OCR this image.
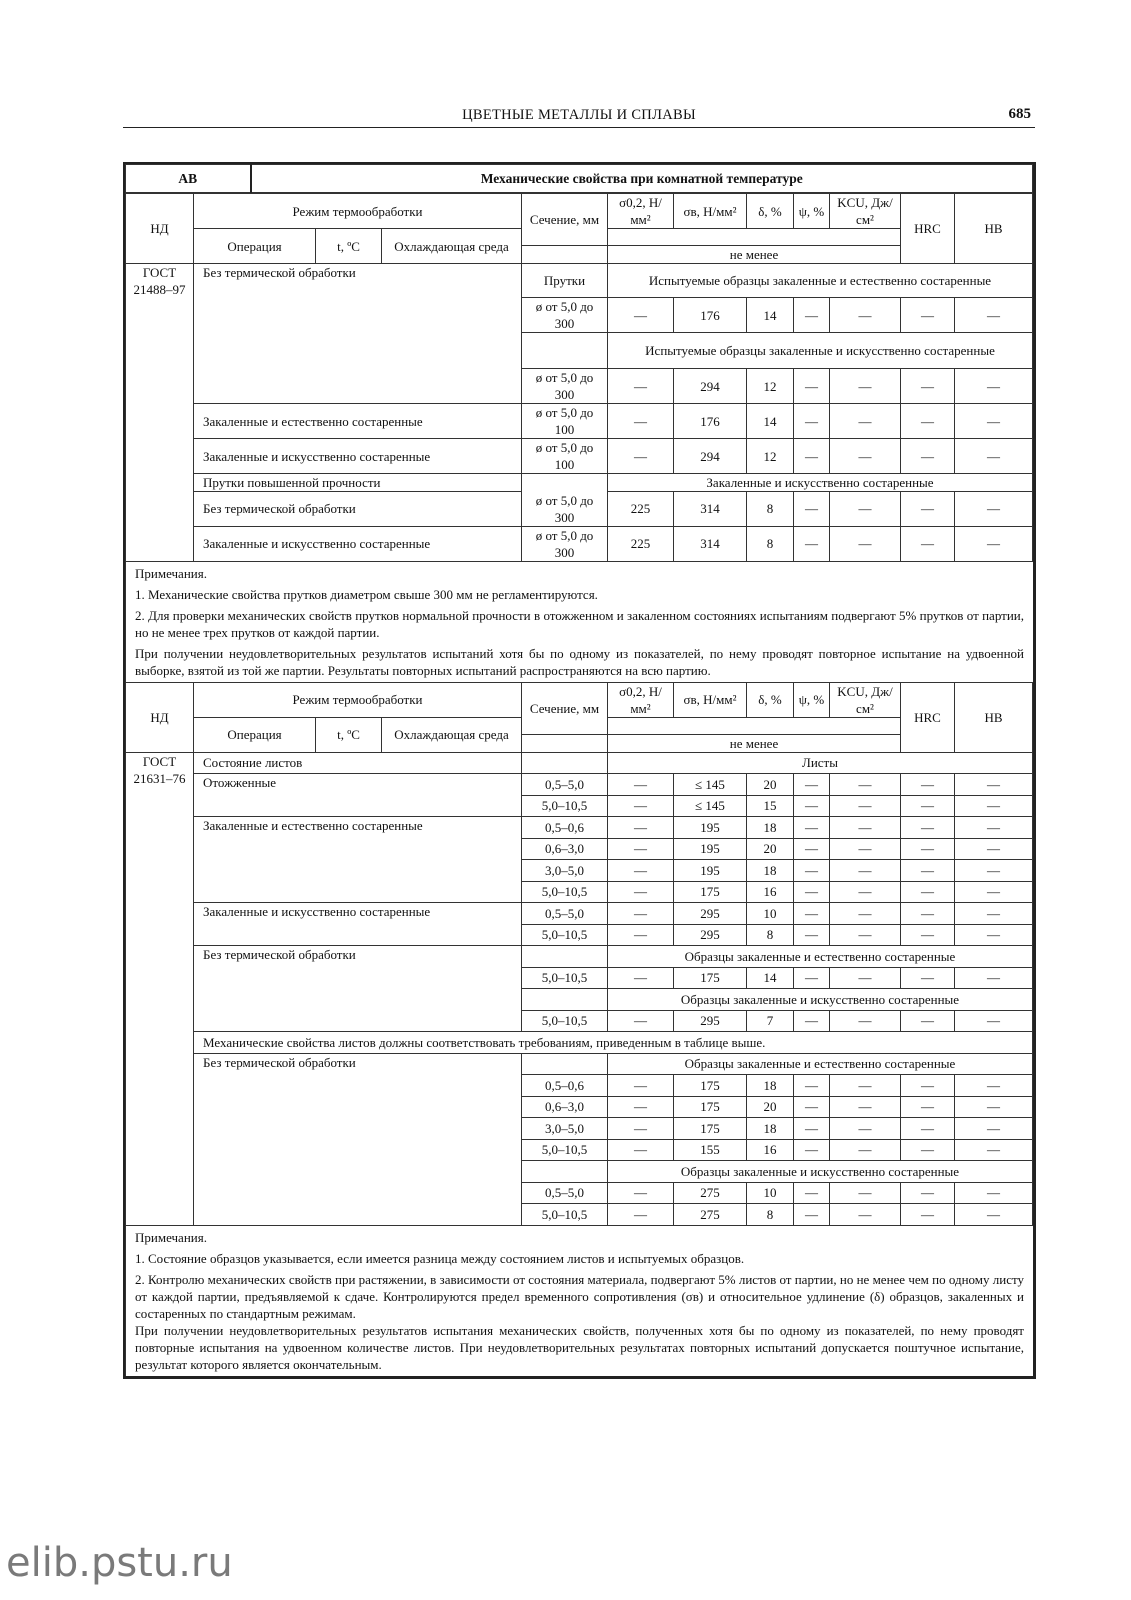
ЦВЕТНЫЕ МЕТАЛЛЫ И СПЛАВЫ	685
АВ	Механические свойства при комнатной температуре
НД	Режим термообработки			Сечение, мм	σ0,2, Н/мм²	σв, Н/мм²	δ, %	ψ, %	KCU, Дж/см²	HRC	НВ
	Операция	t, ºС	Охлаждающая среда								
					не менее						
ГОСТ 21488–97	Без термической обработки			Прутки	Испытуемые образцы закаленные и естественно состаренные						
				ø от 5,0 до 300	—	176	14	—	—	—	—
					Испытуемые образцы закаленные и искусственно состаренные						

				ø от 5,0 до 300	—	294	12	—	—	—	—

	Закаленные и естественно состаренные			ø от 5,0 до 100	—	176	14	—	—	—	—

	Закаленные и искусственно состаренные			ø от 5,0 до 100	—	294	12	—	—	—	—

	Прутки повышенной прочности				Закаленные и искусственно состаренные						
	Без термической обработки			ø от 5,0 до 300	225	314	8	—	—	—	—
	Закаленные и искусственно состаренные			ø от 5,0 до 300	225	314	8	—	—	—	—

Примечания.

1. Механические свойства прутков диаметром свыше 300 мм не регламентируются.

2. Для проверки механических свойств прутков нормальной прочности в отожженном и закаленном состояниях испытаниям подвергают 5% прутков от партии, но не менее трех прутков от каждой партии.

При получении неудовлетворительных результатов испытаний хотя бы по одному из показателей, по нему проводят повторное испытание на удвоенной выборке, взятой из той же партии. Результаты повторных испытаний распространяются на всю партию.

НД	Режим термообработки			Сечение, мм	σ0,2, Н/мм²	σв, Н/мм²	δ, %	ψ, %	KCU, Дж/см²	HRC	НВ
	Операция	t, ºС	Охлаждающая среда								
					не менее						
ГОСТ 21631–76	Состояние листов				Листы						
	Отожженные			0,5–5,0	—	≤ 145	20	—	—	—	—
				5,0–10,5	—	≤ 145	15	—	—	—	—
	Закаленные и естественно состаренные			0,5–0,6	—	195	18	—	—	—	—
				0,6–3,0	—	195	20	—	—	—	—
				3,0–5,0	—	195	18	—	—	—	—
				5,0–10,5	—	175	16	—	—	—	—
	Закаленные и искусственно состаренные			0,5–5,0	—	295	10	—	—	—	—
				5,0–10,5	—	295	8	—	—	—	—
	Без термической обработки				Образцы закаленные и естественно состаренные						
				5,0–10,5	—	175	14	—	—	—	—
					Образцы закаленные и искусственно состаренные						
				5,0–10,5	—	295	7	—	—	—	—
	Механические свойства листов должны соответствовать требованиям, приведенным в таблице выше.										
	Без термической обработки				Образцы закаленные и естественно состаренные						
				0,5–0,6	—	175	18	—	—	—	—
				0,6–3,0	—	175	20	—	—	—	—
				3,0–5,0	—	175	18	—	—	—	—
				5,0–10,5	—	155	16	—	—	—	—
					Образцы закаленные и искусственно состаренные						
				0,5–5,0	—	275	10	—	—	—	—
				5,0–10,5	—	275	8	—	—	—	—

Примечания.

1. Состояние образцов указывается, если имеется разница между состоянием листов и испытуемых образцов.

2. Контролю механических свойств при растяжении, в зависимости от состояния материала, подвергают 5% листов от партии, но не менее чем по одному листу от каждой партии, предъявляемой к сдаче. Контролируются предел временного сопротивления (σв) и относительное удлинение (δ) образцов, закаленных и состаренных по стандартным режимам.

При получении неудовлетворительных результатов испытания механических свойств, полученных хотя бы по одному из показателей, по нему проводят повторные испытания на удвоенном количестве листов. При неудовлетворительных результатах повторных испытаний допускается поштучное испытание, результат которого является окончательным.

elib.pstu.ru
